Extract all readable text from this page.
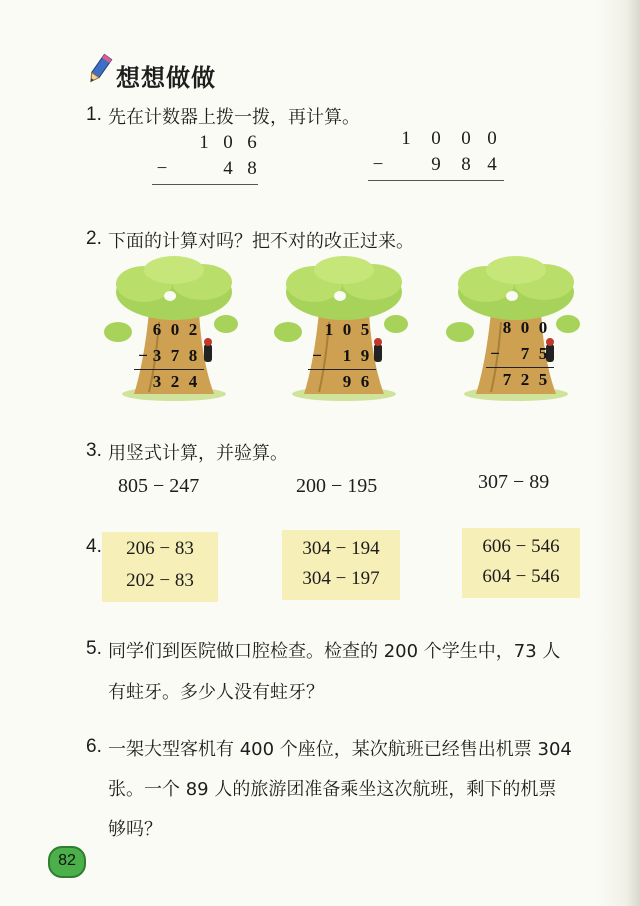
想想做做
1. 先在计数器上拨一拨，再计算。
1 0 6
−	4 8
1	0	0 0
−	9	8 4
2. 下面的计算对吗？把不对的改正过来。
6 0 2
− 3 7 8
3 2 4
1 0 5
− 1 9
9 6
8 0 0
− 7 5
7 2 5
3. 用竖式计算，并验算。
805 − 247	200 − 195	307 − 89
4.	206 − 83
202 − 83
304 − 194
304 − 197
606 − 546
604 − 546
5. 同学们到医院做口腔检查。检查的 200 个学生中，73 人
有蛀牙。多少人没有蛀牙？
6. 一架大型客机有 400 个座位，某次航班已经售出机票 304
张。一个 89 人的旅游团准备乘坐这次航班，剩下的机票
够吗？
82
